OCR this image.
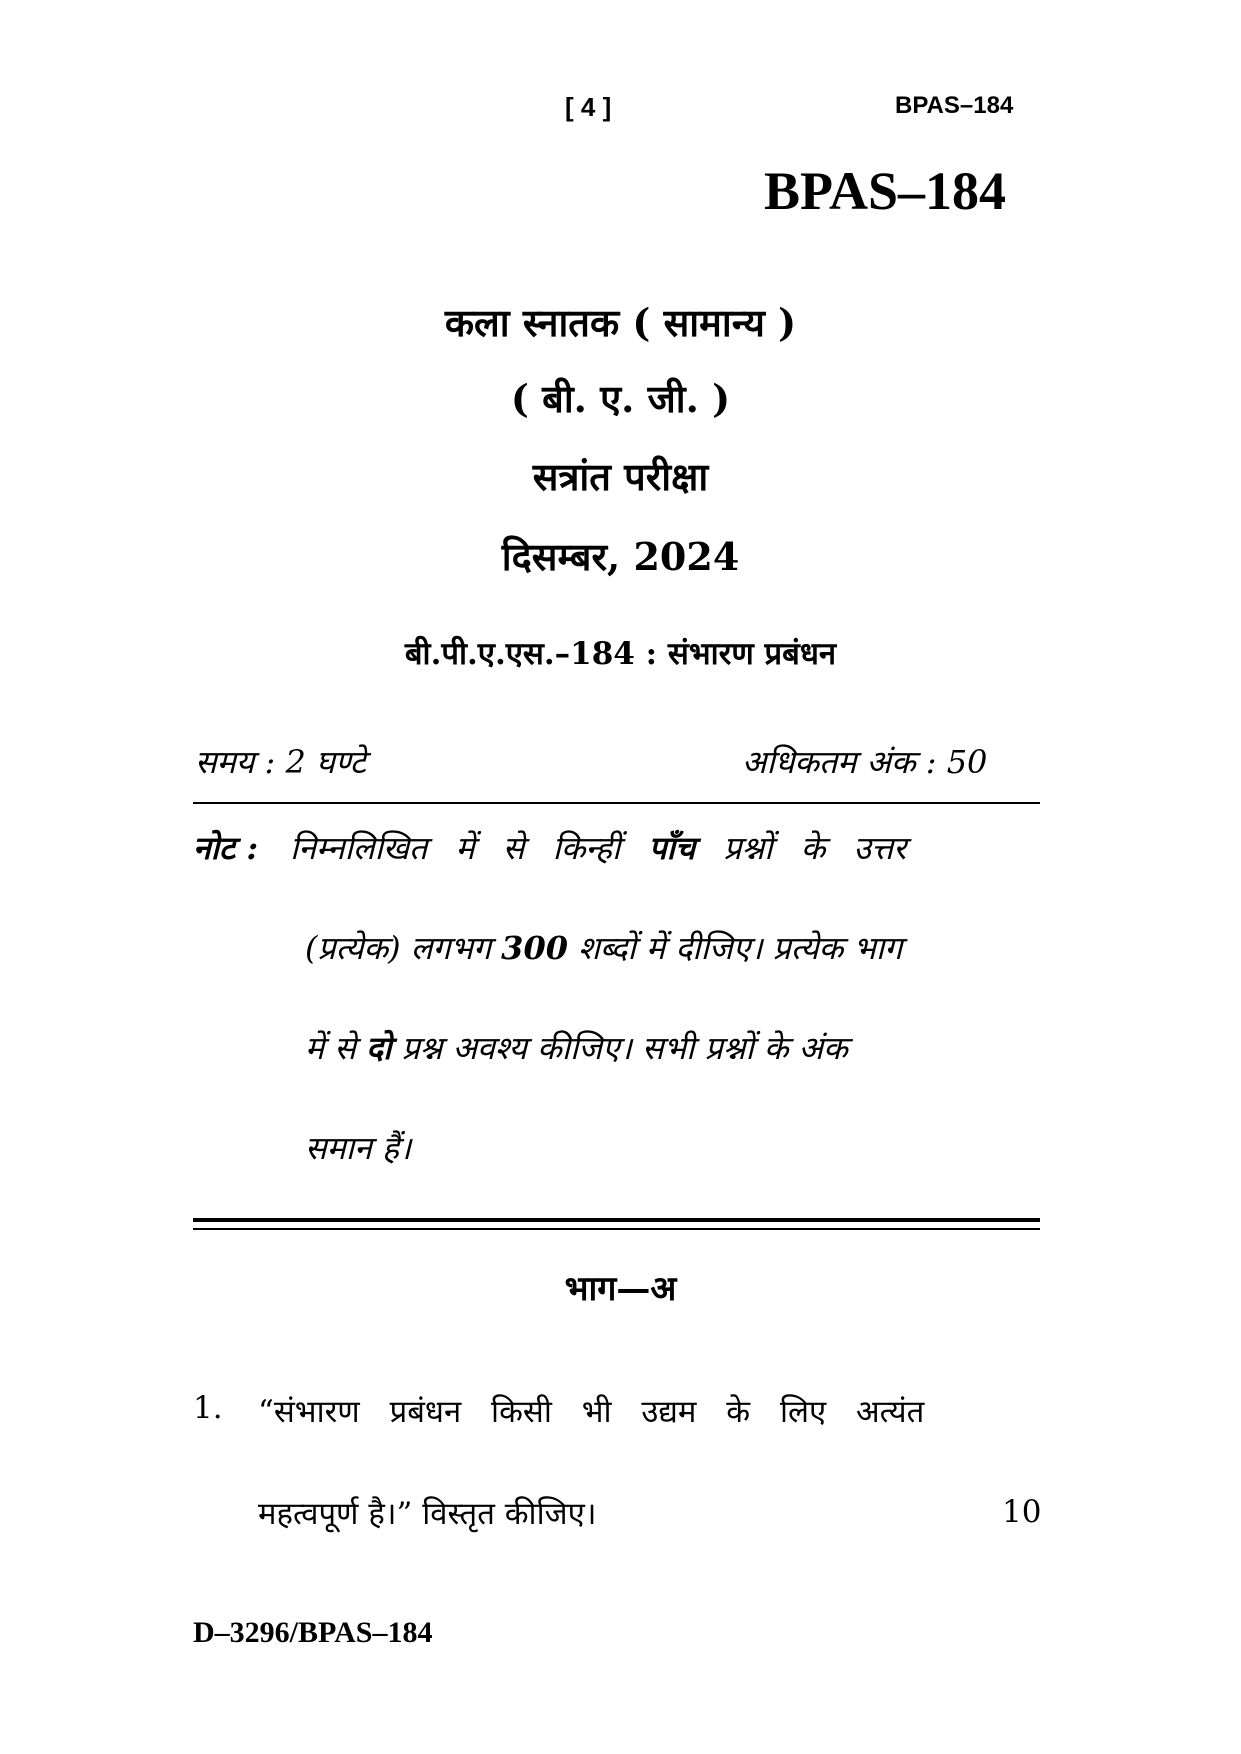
[ 4 ]	BPAS–184
BPAS–184
कला स्नातक ( सामान्य )
( बी. ए. जी. )
सत्रांत परीक्षा
दिसम्बर, 2024
बी.पी.ए.एस.–184 : संभारण प्रबंधन
समय : 2 घण्टे	अधिकतम अंक : 50
नोट : निम्नलिखित में से किन्हीं पाँच प्रश्नों के उत्तर
(प्रत्येक) लगभग 300 शब्दों में दीजिए। प्रत्येक भाग
में से दो प्रश्न अवश्य कीजिए। सभी प्रश्नों के अंक
समान हैं।
भाग—अ
1. “संभारण प्रबंधन किसी भी उद्यम के लिए अत्यंत
महत्वपूर्ण है।” विस्तृत कीजिए।	10
D–3296/BPAS–184
